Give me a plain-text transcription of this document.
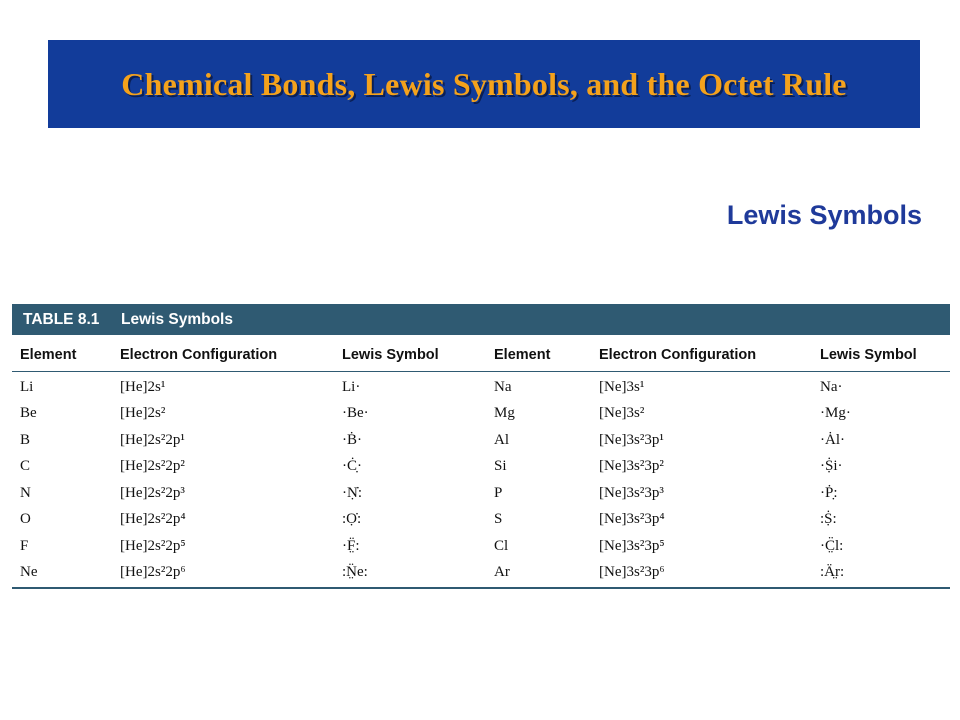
Chemical Bonds, Lewis Symbols, and the Octet Rule
Lewis Symbols
TABLE 8.1	Lewis Symbols
Element	Electron Configuration	Lewis Symbol	Element	Electron Configuration	Lewis Symbol
Li	[He]2s¹	Li·	Na	[Ne]3s¹	Na·
Be	[He]2s²	·Be·	Mg	[Ne]3s²	·Mg·
B	[He]2s²2p¹	·Ḃ·	Al	[Ne]3s²3p¹	·Ȧl·
C	[He]2s²2p²	·Ċ̣·	Si	[Ne]3s²3p²	·Ṩi·
N	[He]2s²2p³	·Ṇ̇:	P	[Ne]3s²3p³	·Ṗ̣:
O	[He]2s²2p⁴	:Ọ̇:	S	[Ne]3s²3p⁴	:Ṩ:
F	[He]2s²2p⁵	·F̤̈:	Cl	[Ne]3s²3p⁵	·C̤̈l:
Ne	[He]2s²2p⁶	:N̤̈e:	Ar	[Ne]3s²3p⁶	:Ä̤r:
